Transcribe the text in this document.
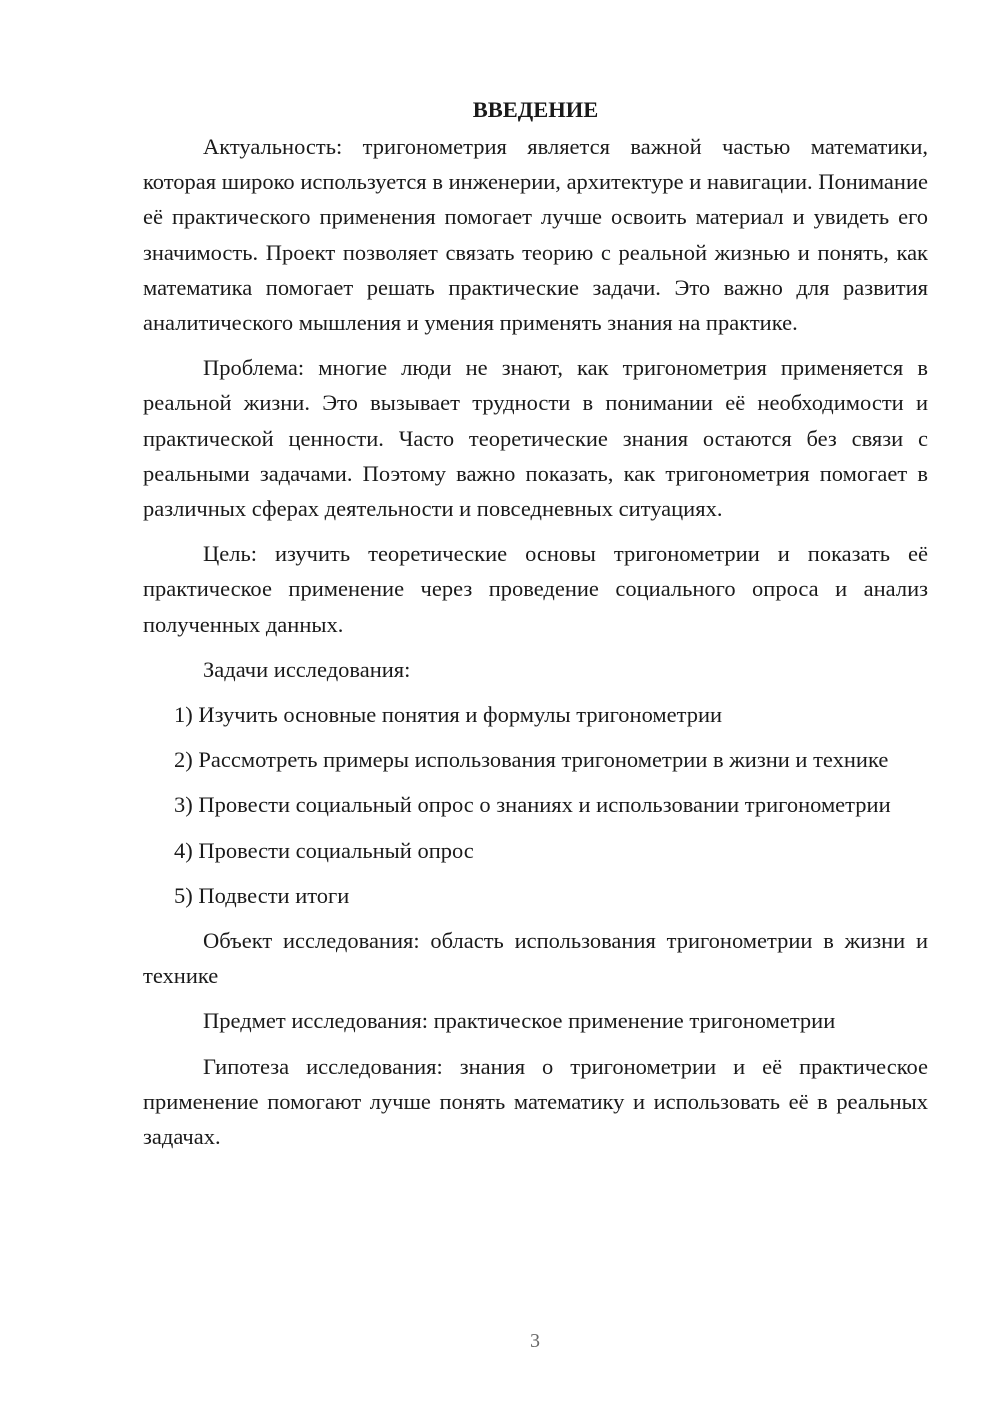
ВВЕДЕНИЕ

Актуальность: тригонометрия является важной частью математики, которая широко используется в инженерии, архитектуре и навигации. Понимание её практического применения помогает лучше освоить материал и увидеть его значимость. Проект позволяет связать теорию с реальной жизнью и понять, как математика помогает решать практические задачи. Это важно для развития аналитического мышления и умения применять знания на практике.

Проблема: многие люди не знают, как тригонометрия применяется в реальной жизни. Это вызывает трудности в понимании её необходимости и практической ценности. Часто теоретические знания остаются без связи с реальными задачами. Поэтому важно показать, как тригонометрия помогает в различных сферах деятельности и повседневных ситуациях.

Цель: изучить теоретические основы тригонометрии и показать её практическое применение через проведение социального опроса и анализ полученных данных.

Задачи исследования:

1) Изучить основные понятия и формулы тригонометрии

2) Рассмотреть примеры использования тригонометрии в жизни и технике

3) Провести социальный опрос о знаниях и использовании тригонометрии

4) Провести социальный опрос

5) Подвести итоги

Объект исследования: область использования тригонометрии в жизни и технике

Предмет исследования: практическое применение тригонометрии

Гипотеза исследования: знания о тригонометрии и её практическое применение помогают лучше понять математику и использовать её в реальных задачах.

3
